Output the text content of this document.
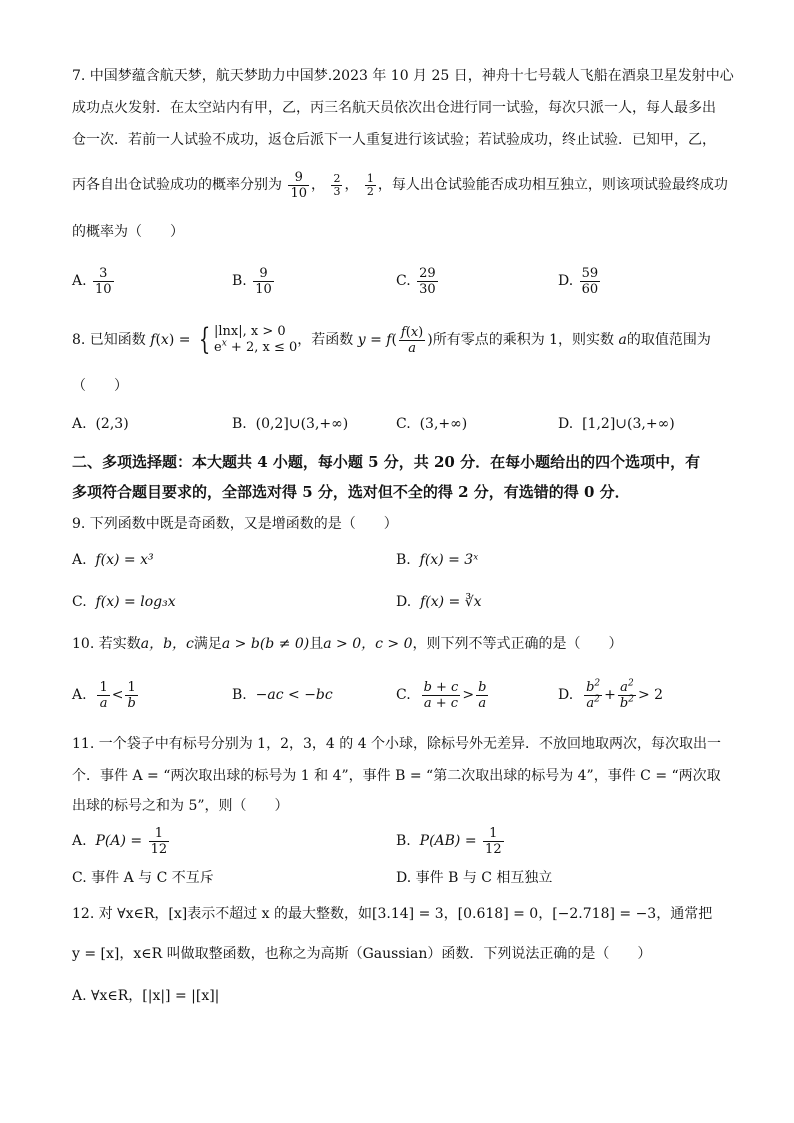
7. 中国梦蕴含航天梦，航天梦助力中国梦.2023 年 10 月 25 日，神舟十七号载人飞船在酒泉卫星发射中心
成功点火发射．在太空站内有甲，乙，丙三名航天员依次出仓进行同一试验，每次只派一人，每人最多出
仓一次．若前一人试验不成功，返仓后派下一人重复进行该试验；若试验成功，终止试验．已知甲，乙，
丙各自出仓试验成功的概率分别为 $\frac{9}{10}$ ， $\frac{2}{3}$ ， $\frac{1}{2}$ ，每人出仓试验能否成功相互独立，则该项试验最终成功
的概率为（　　）
A. $\frac{3}{10}$	B. $\frac{9}{10}$	C. $\frac{29}{30}$	D. $\frac{59}{60}$
8. 已知函数 f(x) = { |lnx|, x > 0
$e^x + 2$, x ≤ 0 ，若函数 $y = f( \frac{f(x)}{a}$ )所有零点的乘积为 1，则实数 a的取值范围为
（　　）
A. (2,3)	B. (0,2]∪(3,+∞)	C. (3,+∞)	D. [1,2]∪(3,+∞)
二、多项选择题：本大题共 4 小题，每小题 5 分，共 20 分．在每小题给出的四个选项中，有
多项符合题目要求的，全部选对得 5 分，选对但不全的得 2 分，有选错的得 0 分．
9. 下列函数中既是奇函数，又是增函数的是（　　）
A. f(x) = x³	B. f(x) = 3ˣ
C. f(x) = log₃x	D. f(x) = ∛x
10. 若实数a，b，c满足a > b(b ≠ 0)且a > 0，c > 0，则下列不等式正确的是（　　）
A. $\frac{1}{a} < \frac{1}{b}$	B. −ac < −bc	C. $\frac{b + c}{a + c} > \frac{b}{a}$	D. $\frac{b^2}{a^2} + \frac{a^2}{b^2} > 2$
11. 一个袋子中有标号分别为 1，2，3，4 的 4 个小球，除标号外无差异．不放回地取两次，每次取出一
个．事件 A = “两次取出球的标号为 1 和 4”，事件 B = “第二次取出球的标号为 4”，事件 C = “两次取
出球的标号之和为 5”，则（　　）
A. $P(A) = \frac{1}{12}$	B. $P(AB) = \frac{1}{12}$
C. 事件 A 与 C 不互斥	D. 事件 B 与 C 相互独立
12. 对 ∀x∈R，[x]表示不超过 x 的最大整数，如[3.14] = 3，[0.618] = 0，[−2.718] = −3，通常把
y = [x]，x∈R 叫做取整函数，也称之为高斯（Gaussian）函数．下列说法正确的是（　　）
A. ∀x∈R，[|x|] = |[x]|
